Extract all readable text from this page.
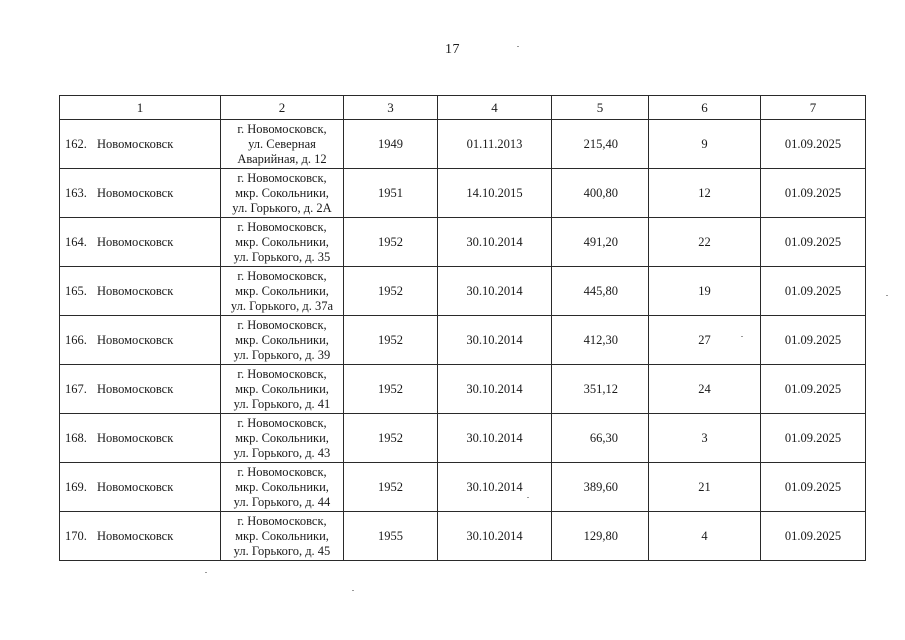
17
1	2	3	4	5	6	7
162. Новомосковск	г. Новомосковск,
ул. Северная
Аварийная, д. 12	1949	01.11.2013	215,40	9	01.09.2025
163. Новомосковск	г. Новомосковск,
мкр. Сокольники,
ул. Горького, д. 2А	1951	14.10.2015	400,80	12	01.09.2025
164. Новомосковск	г. Новомосковск,
мкр. Сокольники,
ул. Горького, д. 35	1952	30.10.2014	491,20	22	01.09.2025
165. Новомосковск	г. Новомосковск,
мкр. Сокольники,
ул. Горького, д. 37а	1952	30.10.2014	445,80	19	01.09.2025
166. Новомосковск	г. Новомосковск,
мкр. Сокольники,
ул. Горького, д. 39	1952	30.10.2014	412,30	27	01.09.2025
167. Новомосковск	г. Новомосковск,
мкр. Сокольники,
ул. Горького, д. 41	1952	30.10.2014	351,12	24	01.09.2025
168. Новомосковск	г. Новомосковск,
мкр. Сокольники,
ул. Горького, д. 43	1952	30.10.2014	66,30	3	01.09.2025
169. Новомосковск	г. Новомосковск,
мкр. Сокольники,
ул. Горького, д. 44	1952	30.10.2014	389,60	21	01.09.2025
170. Новомосковск	г. Новомосковск,
мкр. Сокольники,
ул. Горького, д. 45	1955	30.10.2014	129,80	4	01.09.2025
